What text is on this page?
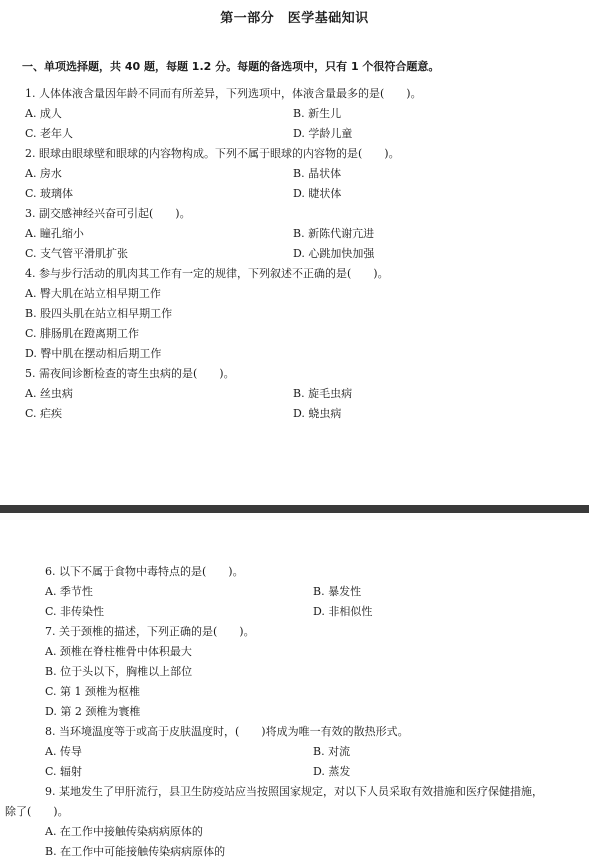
第一部分　医学基础知识
一、单项选择题，共 40 题，每题 1.2 分。每题的备选项中，只有 1 个很符合题意。
1. 人体体液含量因年龄不同而有所差异，下列选项中，体液含量最多的是(　　)。
A. 成人	B. 新生儿
C. 老年人	D. 学龄儿童
2. 眼球由眼球壁和眼球的内容物构成。下列不属于眼球的内容物的是(　　)。
A. 房水	B. 晶状体
C. 玻璃体	D. 睫状体
3. 副交感神经兴奋可引起(　　)。
A. 瞳孔缩小	B. 新陈代谢亢进
C. 支气管平滑肌扩张	D. 心跳加快加强
4. 参与步行活动的肌肉其工作有一定的规律，下列叙述不正确的是(　　)。
A. 臀大肌在站立相早期工作
B. 股四头肌在站立相早期工作
C. 腓肠肌在蹬离期工作
D. 臀中肌在摆动相后期工作
5. 需夜间诊断检查的寄生虫病的是(　　)。
A. 丝虫病	B. 旋毛虫病
C. 疟疾	D. 蛲虫病
6. 以下不属于食物中毒特点的是(　　)。
A. 季节性	B. 暴发性
C. 非传染性	D. 非相似性
7. 关于颈椎的描述，下列正确的是(　　)。
A. 颈椎在脊柱椎骨中体积最大
B. 位于头以下，胸椎以上部位
C. 第 1 颈椎为枢椎
D. 第 2 颈椎为寰椎
8. 当环境温度等于或高于皮肤温度时，(　　)将成为唯一有效的散热形式。
A. 传导	B. 对流
C. 辐射	D. 蒸发
9. 某地发生了甲肝流行，县卫生防疫站应当按照国家规定，对以下人员采取有效措施和医疗保健措施，除了(　　)。
A. 在工作中接触传染病病原体的
B. 在工作中可能接触传染病病原体的
